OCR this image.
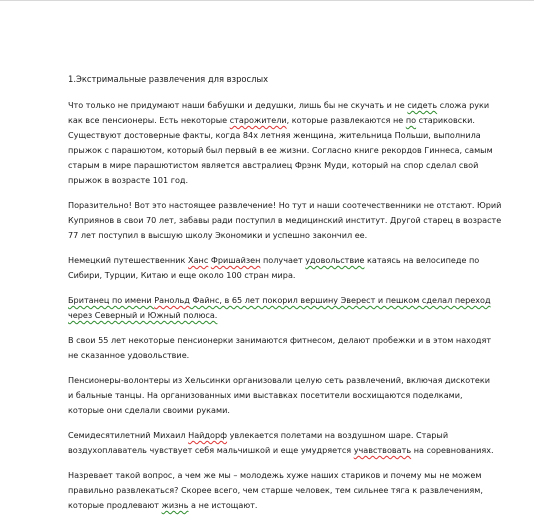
1.Экстримальные развлечения для взрослых
Что только не придумают наши бабушки и дедушки, лишь бы не скучать и не сидеть сложа руки
как все пенсионеры. Есть некоторые старожители, которые развлекаются не по стариковски.
Существуют достоверные факты, когда 84х летняя женщина, жительница Польши, выполнила
прыжок с парашютом, который был первый в ее жизни. Согласно книге рекордов Гиннеса, самым
старым в мире парашютистом является австралиец Фрэнк Муди, который на спор сделал свой
прыжок в возрасте 101 год.
Поразительно! Вот это настоящее развлечение! Но тут и наши соотечественники не отстают. Юрий
Куприянов в свои 70 лет, забавы ради поступил в медицинский институт. Другой старец в возрасте
77 лет поступил в высшую школу Экономики и успешно закончил ее.
Немецкий путешественник Ханс Фришайзен получает удовольствие катаясь на велосипеде по
Сибири, Турции, Китаю и еще около 100 стран мира.
Британец по имени Ранольд Файнс, в 65 лет покорил вершину Эверест и пешком сделал переход
через Северный и Южный полюса.
В свои 55 лет некоторые пенсионерки занимаются фитнесом, делают пробежки и в этом находят
не сказанное удовольствие.
Пенсионеры-волонтеры из Хельсинки организовали целую сеть развлечений, включая дискотеки
и бальные танцы. На организованных ими выставках посетители восхищаются поделками,
которые они сделали своими руками.
Семидесятилетний Михаил Найдорф увлекается полетами на воздушном шаре. Старый
воздухоплаватель чувствует себя мальчишкой и еще умудряется учавствовать на соревнованиях.
Назревает такой вопрос, а чем же мы – молодежь хуже наших стариков и почему мы не можем
правильно развлекаться? Скорее всего, чем старше человек, тем сильнее тяга к развлечениям,
которые продлевают жизнь а не истощают.
